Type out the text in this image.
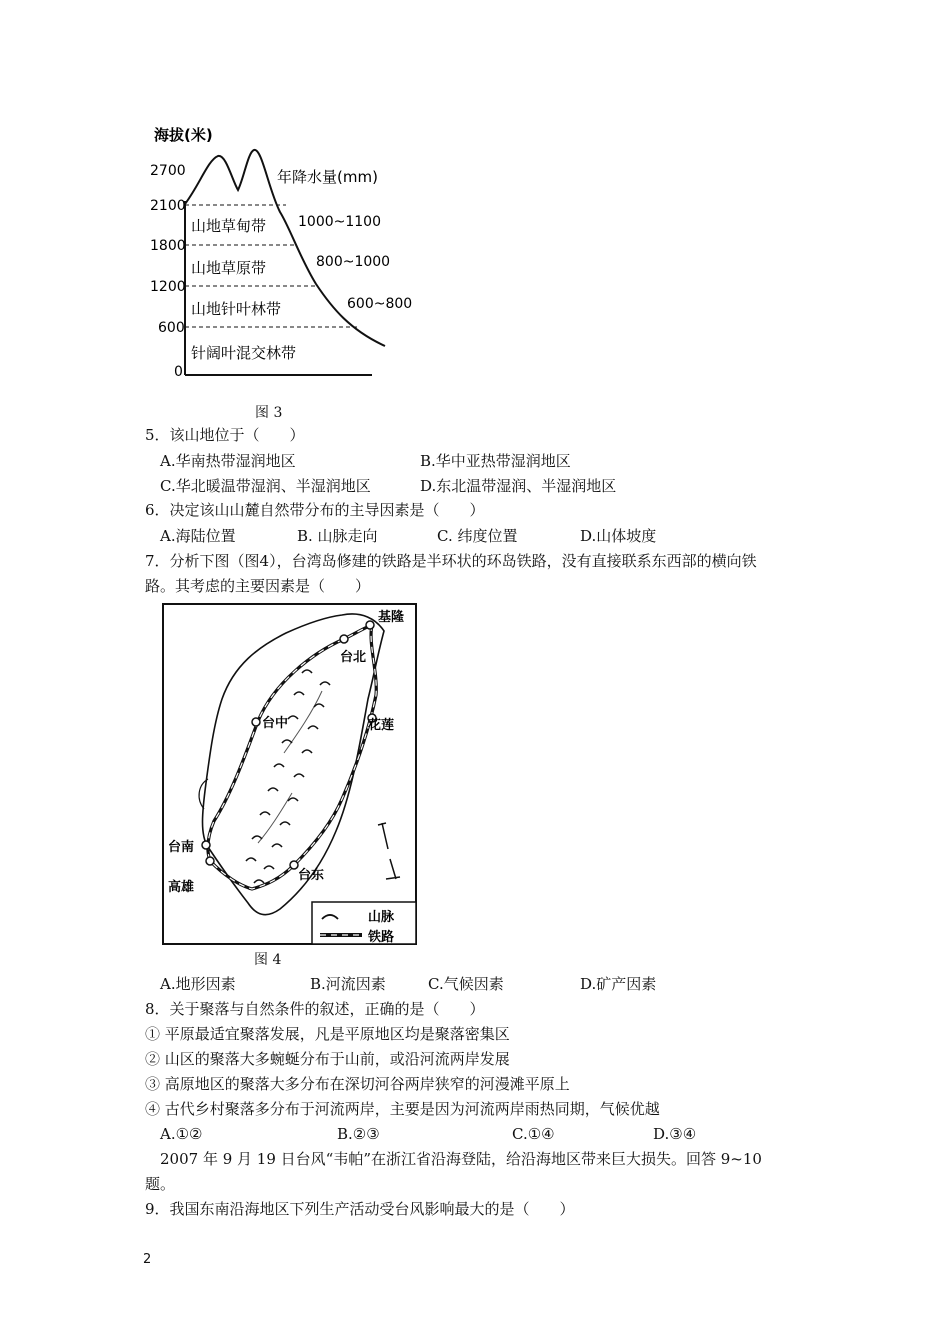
海拔(米)
2700
2100
1800
1200
600
0
年降水量(mm)
山地草甸带
山地草原带
山地针叶林带
针阔叶混交林带
1000~1100
800~1000
600~800
图 3
5．该山地位于（　　）
A.华南热带湿润地区	B.华中亚热带湿润地区
C.华北暖温带湿润、半湿润地区	D.东北温带湿润、半湿润地区
6．决定该山山麓自然带分布的主导因素是（　　）
A.海陆位置	B. 山脉走向	C. 纬度位置	D.山体坡度
7．分析下图（图4），台湾岛修建的铁路是半环状的环岛铁路，没有直接联系东西部的横向铁
路。其考虑的主要因素是（　　）
基隆
台北
台中	花莲
台南
高雄
台东
山脉
铁路
图 4
A.地形因素	B.河流因素	C.气候因素	D.矿产因素
8．关于聚落与自然条件的叙述，正确的是（　　）
① 平原最适宜聚落发展，凡是平原地区均是聚落密集区
② 山区的聚落大多蜿蜒分布于山前，或沿河流两岸发展
③ 高原地区的聚落大多分布在深切河谷两岸狭窄的河漫滩平原上
④ 古代乡村聚落多分布于河流两岸，主要是因为河流两岸雨热同期，气候优越
A.①②	B.②③	C.①④	D.③④
2007 年 9 月 19 日台风“韦帕”在浙江省沿海登陆，给沿海地区带来巨大损失。回答 9~10
题。
9．我国东南沿海地区下列生产活动受台风影响最大的是（　　）
2
